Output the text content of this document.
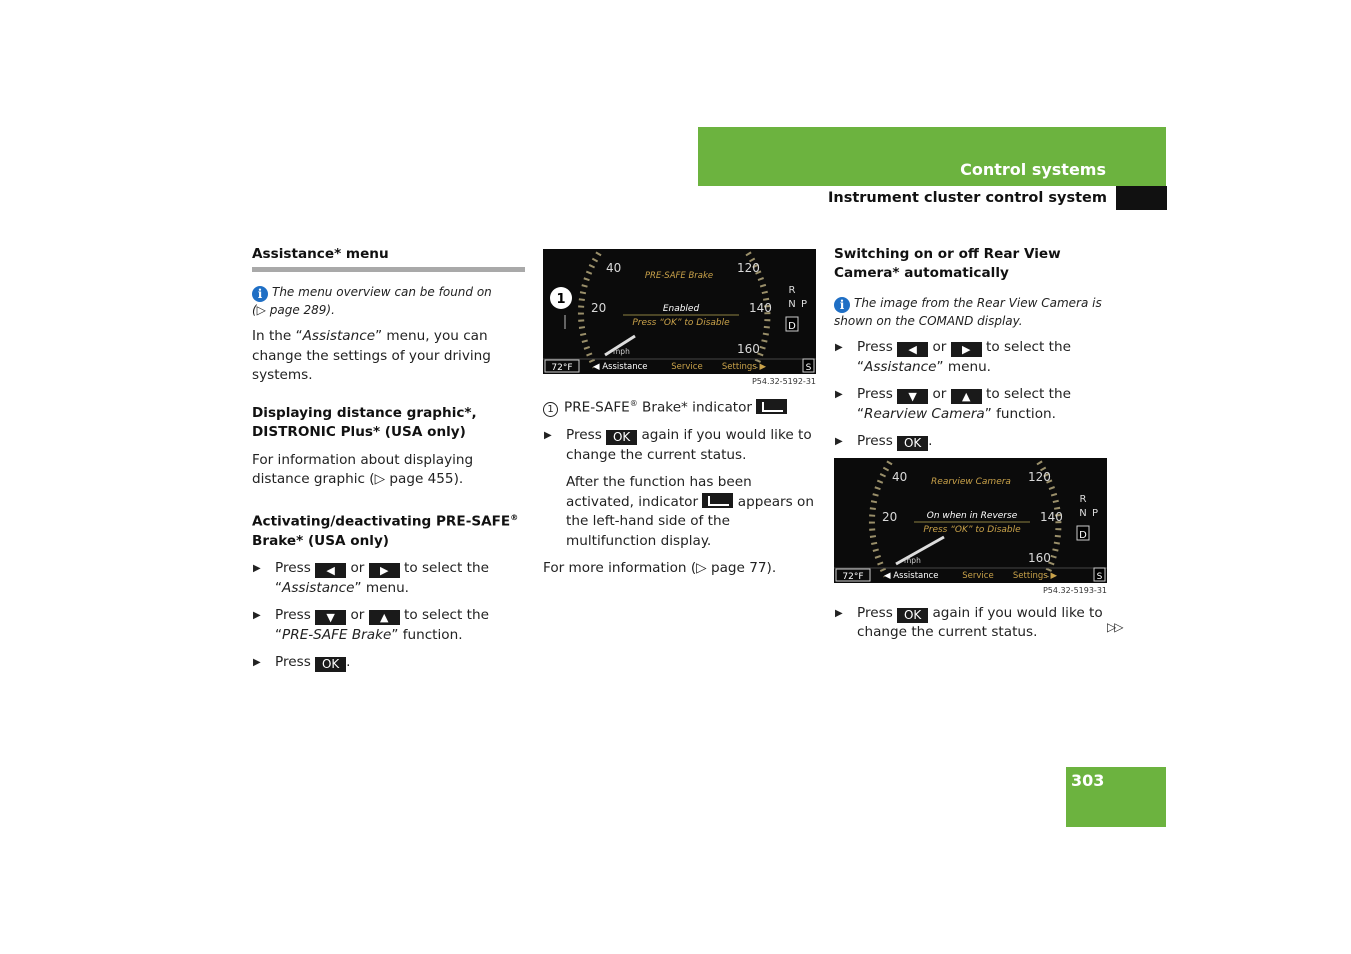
Control systems
Instrument cluster control system
Assistance* menu
i The menu overview can be found on
(▷ page 289).
In the “Assistance” menu, you can change the settings of your driving systems.
Displaying distance graphic*, DISTRONIC Plus* (USA only)
For information about displaying distance graphic (▷ page 455).
Activating/deactivating PRE-SAFE® Brake* (USA only)
▶ Press ◀ or ▶ to select the
“Assistance” menu.
▶ Press ▼ or ▲ to select the
“PRE-SAFE Brake” function.
▶ Press OK .
40	120
20	140
160
PRE-SAFE Brake
Enabled
Press “OK” to Disable
mph
72°F ◀ Assistance	Service Settings ▶	S
R
N P
D
1
P54.32-5192-31
1 PRE-SAFE® Brake* indicator
▶ Press OK again if you would like to change the current status.
After the function has been activated, indicator	appears on the left-hand side of the multifunction display.
For more information (▷ page 77).
Switching on or off Rear View Camera* automatically
i The image from the Rear View Camera is
shown on the COMAND display.
▶ Press ◀ or ▶ to select the
“Assistance” menu.
▶ Press ▼ or ▲ to select the
“Rearview Camera” function.
▶ Press OK .
40	120
20	140
160
Rearview Camera
On when in Reverse
Press “OK” to Disable
mph
72°F ◀ Assistance	Service Settings ▶	S
R
N P
D
P54.32-5193-31
▶ Press OK again if you would like to change the current status.	▷▷
303
